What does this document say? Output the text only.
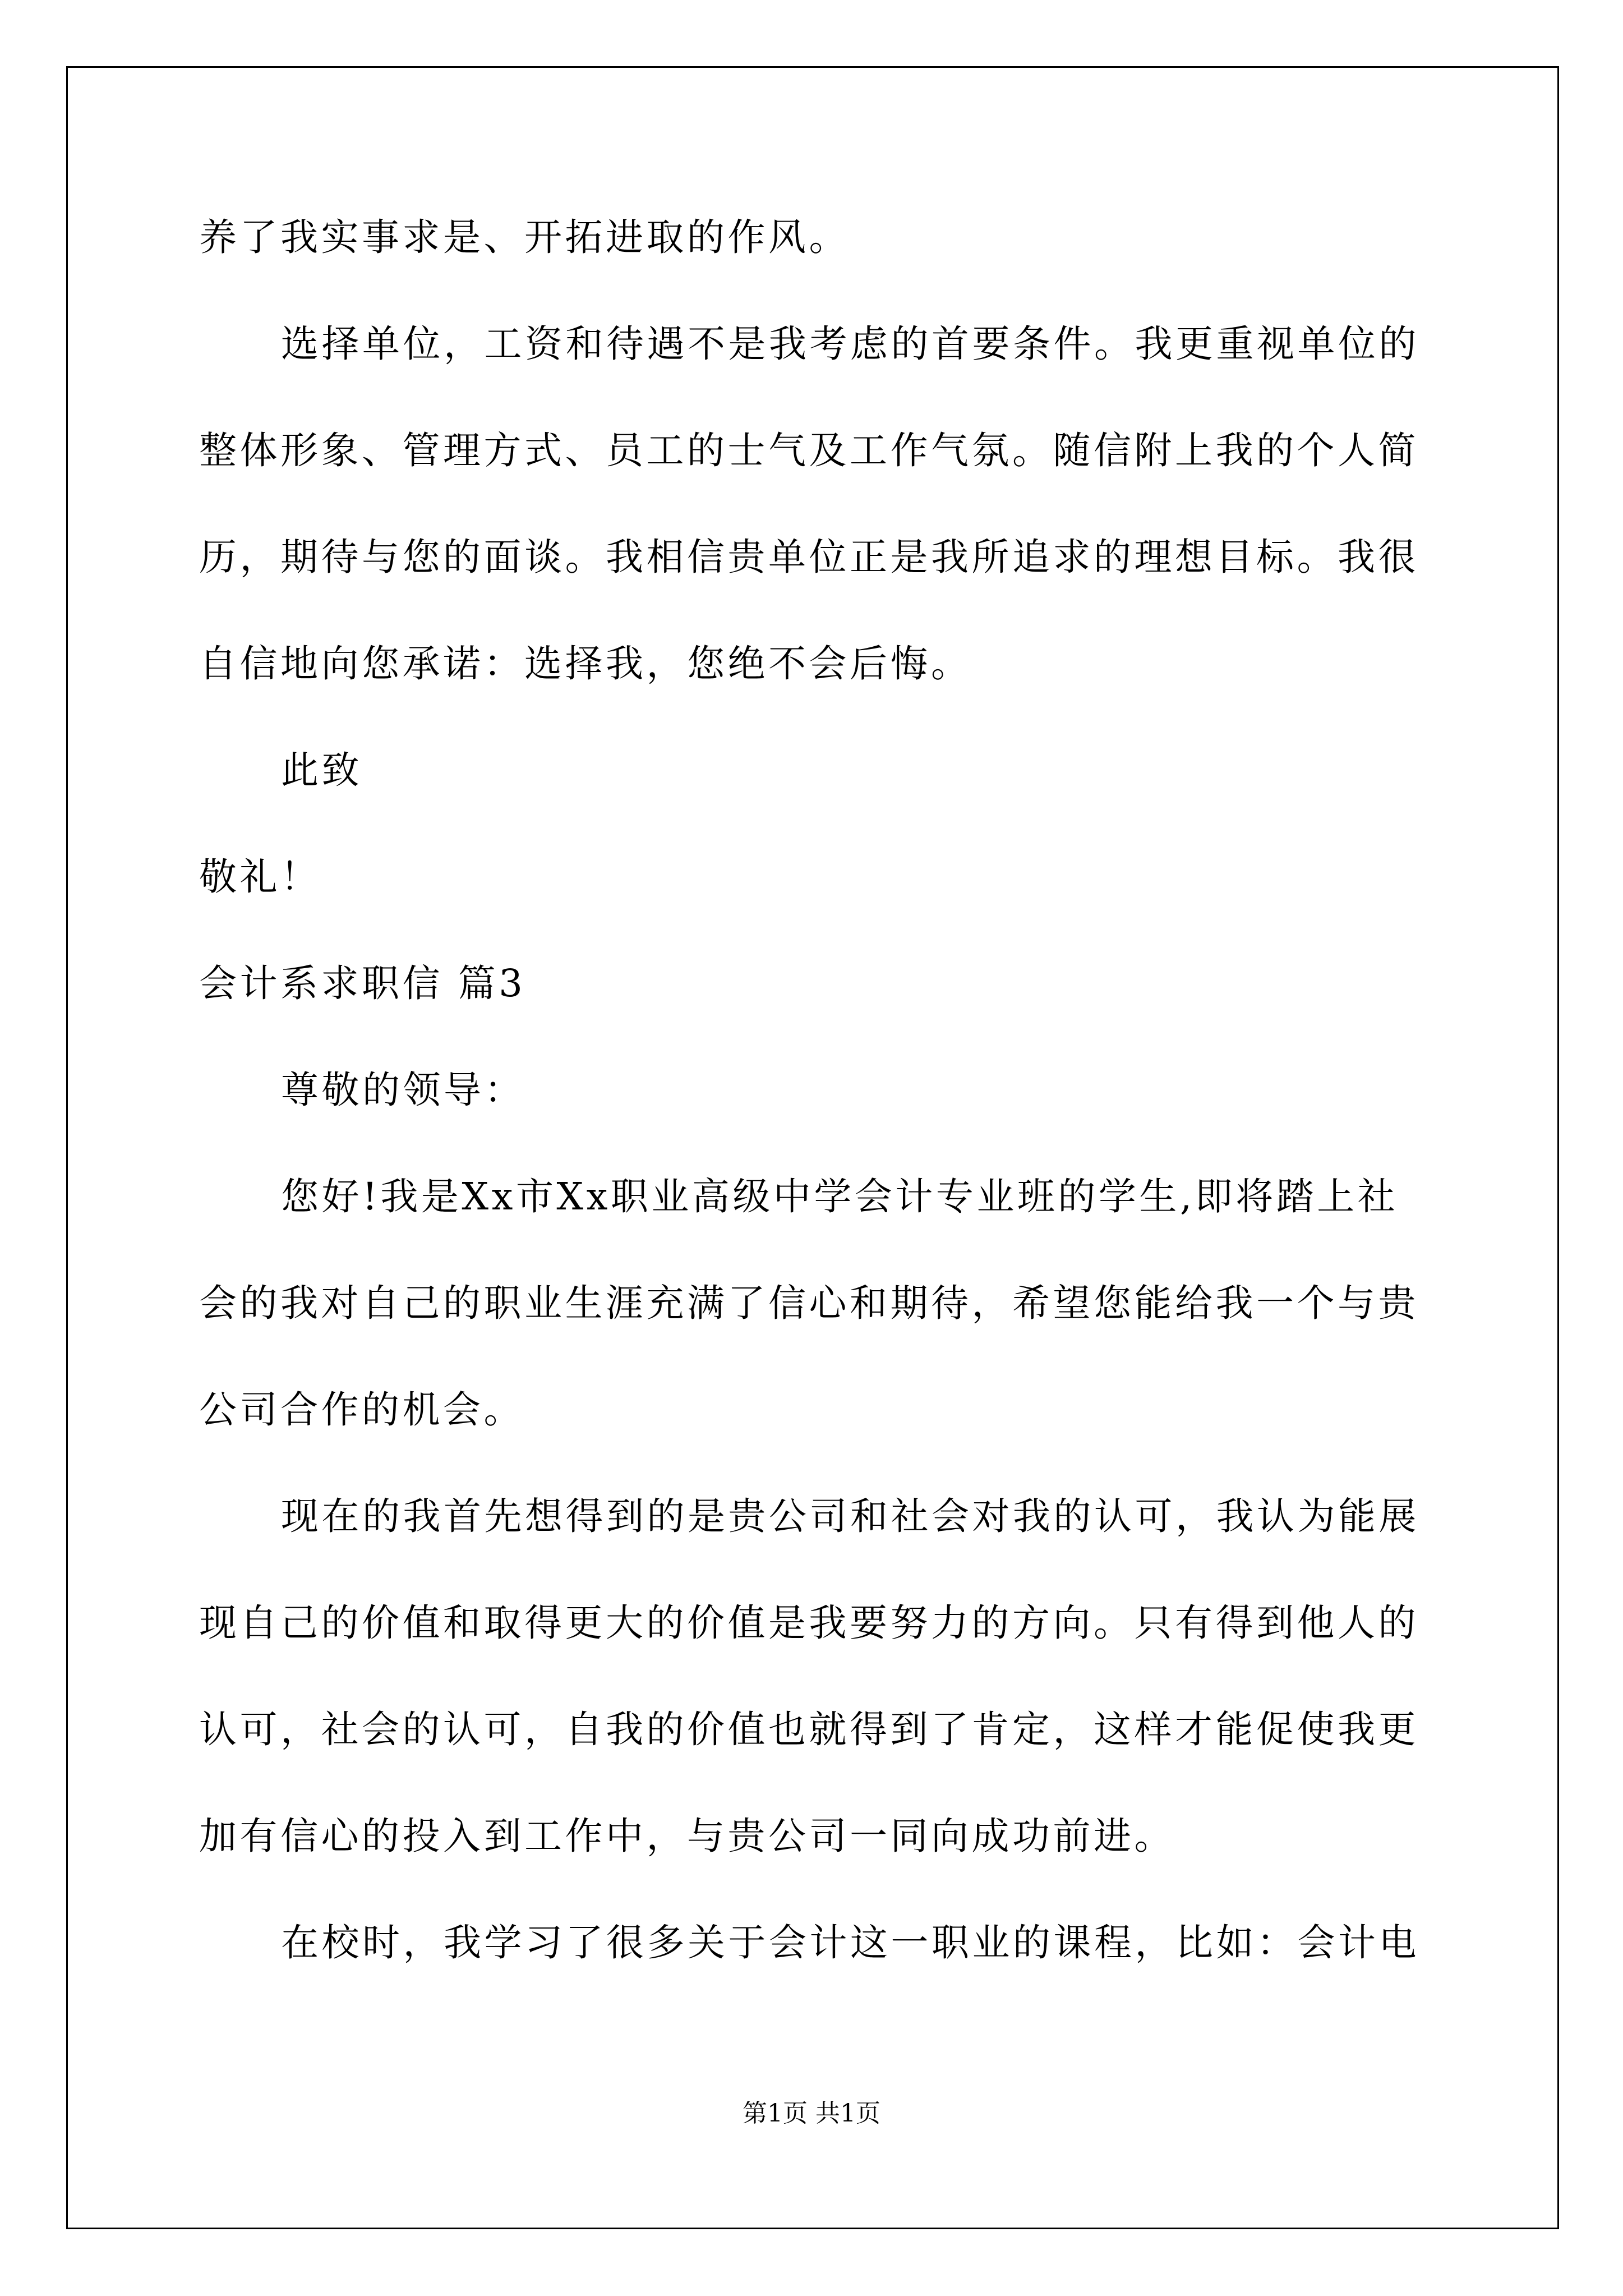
养了我实事求是、开拓进取的作风。
选择单位，工资和待遇不是我考虑的首要条件。我更重视单位的
整体形象、管理方式、员工的士气及工作气氛。随信附上我的个人简
历，期待与您的面谈。我相信贵单位正是我所追求的理想目标。我很
自信地向您承诺：选择我，您绝不会后悔。
此致
敬礼！
会计系求职信 篇3
尊敬的领导：
您好!我是Xx市Xx职业高级中学会计专业班的学生,即将踏上社
会的我对自己的职业生涯充满了信心和期待，希望您能给我一个与贵
公司合作的机会。
现在的我首先想得到的是贵公司和社会对我的认可，我认为能展
现自己的价值和取得更大的价值是我要努力的方向。只有得到他人的
认可，社会的认可，自我的价值也就得到了肯定，这样才能促使我更
加有信心的投入到工作中，与贵公司一同向成功前进。
在校时，我学习了很多关于会计这一职业的课程，比如：会计电
第1页 共1页
